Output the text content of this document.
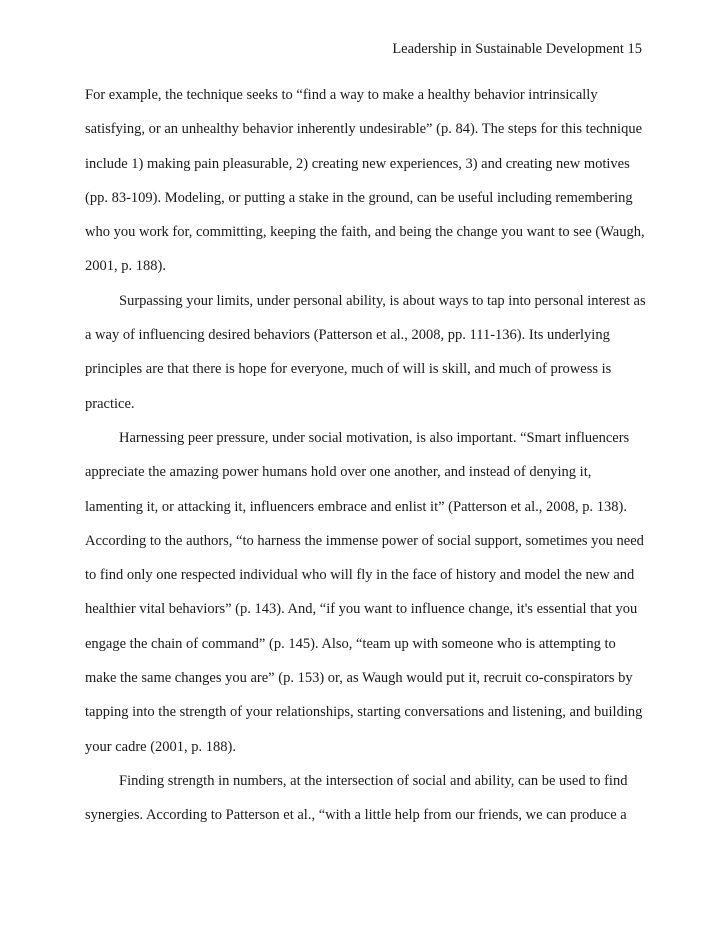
Leadership in Sustainable Development 15
For example, the technique seeks to “find a way to make a healthy behavior intrinsically
satisfying, or an unhealthy behavior inherently undesirable” (p. 84). The steps for this technique
include 1) making pain pleasurable, 2) creating new experiences, 3) and creating new motives
(pp. 83-109). Modeling, or putting a stake in the ground, can be useful including remembering
who you work for, committing, keeping the faith, and being the change you want to see (Waugh,
2001, p. 188).
Surpassing your limits, under personal ability, is about ways to tap into personal interest as
a way of influencing desired behaviors (Patterson et al., 2008, pp. 111-136). Its underlying
principles are that there is hope for everyone, much of will is skill, and much of prowess is
practice.
Harnessing peer pressure, under social motivation, is also important. “Smart influencers
appreciate the amazing power humans hold over one another, and instead of denying it,
lamenting it, or attacking it, influencers embrace and enlist it” (Patterson et al., 2008, p. 138).
According to the authors, “to harness the immense power of social support, sometimes you need
to find only one respected individual who will fly in the face of history and model the new and
healthier vital behaviors” (p. 143). And, “if you want to influence change, it's essential that you
engage the chain of command” (p. 145). Also, “team up with someone who is attempting to
make the same changes you are” (p. 153) or, as Waugh would put it, recruit co-conspirators by
tapping into the strength of your relationships, starting conversations and listening, and building
your cadre (2001, p. 188).
Finding strength in numbers, at the intersection of social and ability, can be used to find
synergies. According to Patterson et al., “with a little help from our friends, we can produce a
